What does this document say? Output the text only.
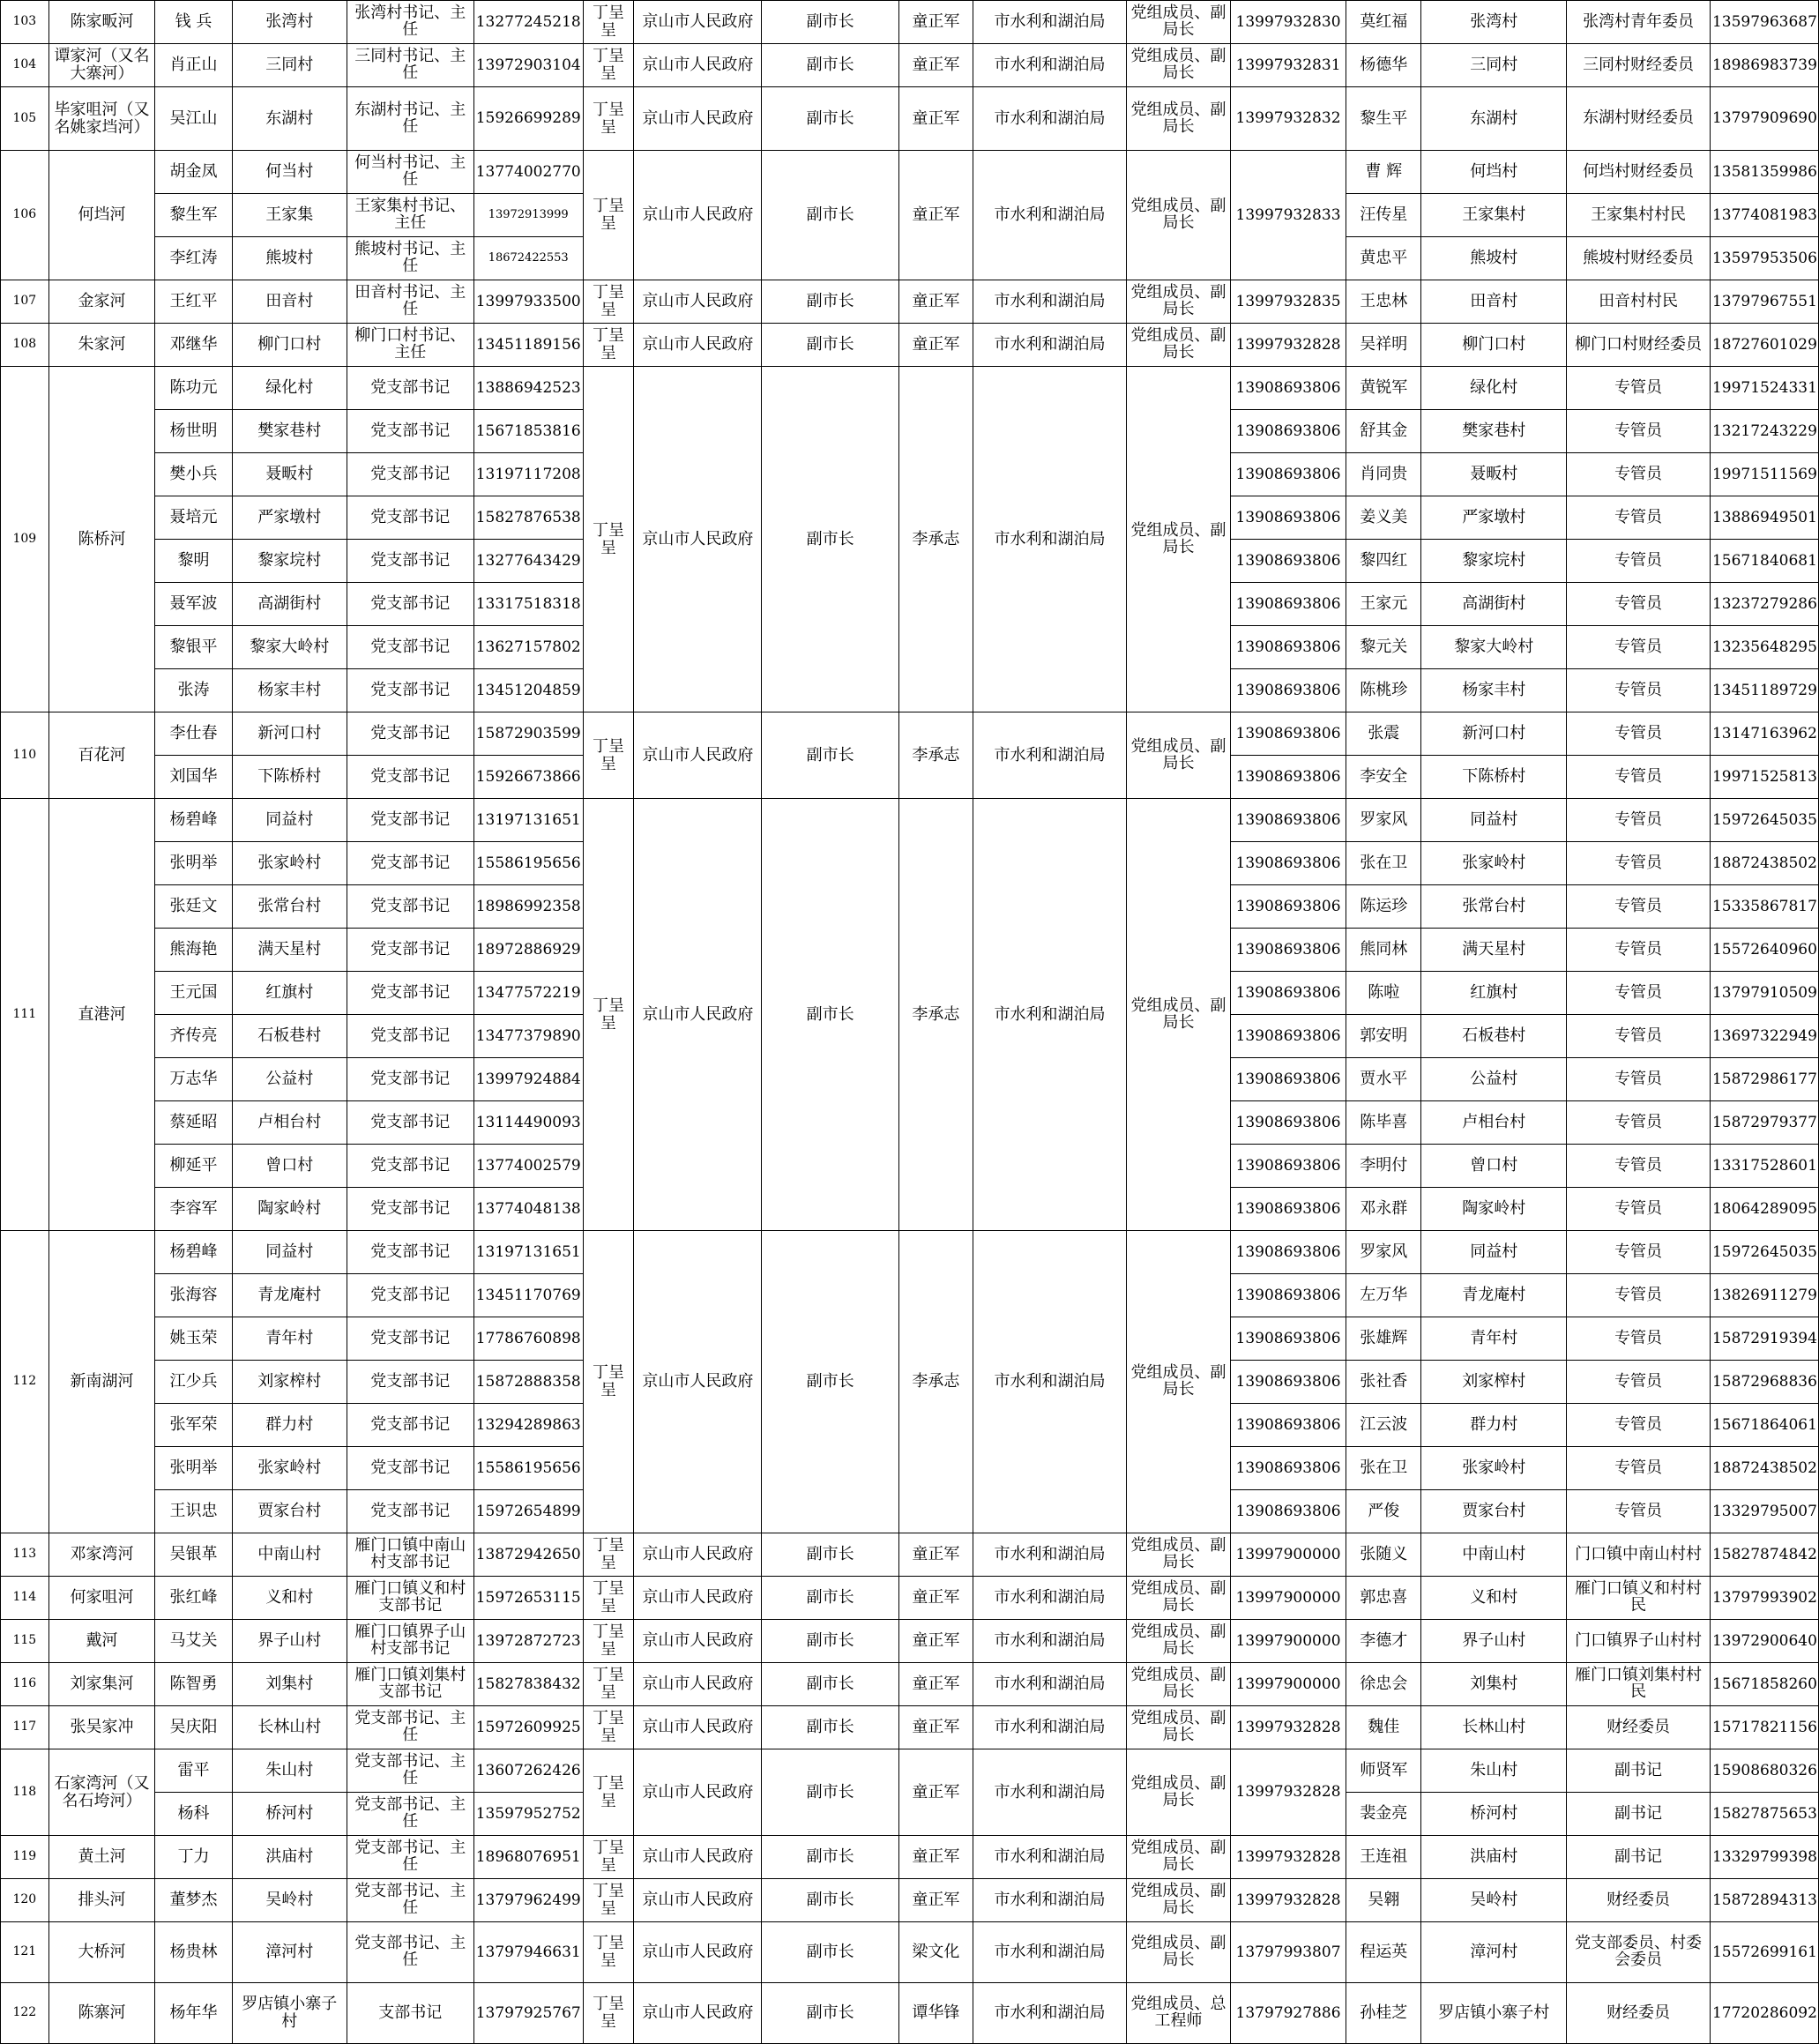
103	陈家畈河	钱 兵	张湾村	张湾村书记、主任	13277245218	丁呈呈	京山市人民政府	副市长	童正军	市水利和湖泊局	党组成员、副局长	13997932830	莫红福	张湾村	张湾村青年委员	13597963687
104	谭家河（又名大寨河）	肖正山	三同村	三同村书记、主任	13972903104	丁呈呈	京山市人民政府	副市长	童正军	市水利和湖泊局	党组成员、副局长	13997932831	杨德华	三同村	三同村财经委员	18986983739
105	毕家咀河（又名姚家垱河）	吴江山	东湖村	东湖村书记、主任	15926699289	丁呈呈	京山市人民政府	副市长	童正军	市水利和湖泊局	党组成员、副局长	13997932832	黎生平	东湖村	东湖村财经委员	13797909690
106	何垱河	胡金凤	何当村	何当村书记、主任	13774002770	丁呈呈	京山市人民政府	副市长	童正军	市水利和湖泊局	党组成员、副局长	13997932833	曹 辉	何垱村	何垱村财经委员	13581359986
		黎生军	王家集	王家集村书记、主任	13972913999								汪传星	王家集村	王家集村村民	13774081983
		李红涛	熊坡村	熊坡村书记、主任	18672422553								黄忠平	熊坡村	熊坡村财经委员	13597953506
107	金家河	王红平	田音村	田音村书记、主任	13997933500	丁呈呈	京山市人民政府	副市长	童正军	市水利和湖泊局	党组成员、副局长	13997932835	王忠林	田音村	田音村村民	13797967551
108	朱家河	邓继华	柳门口村	柳门口村书记、主任	13451189156	丁呈呈	京山市人民政府	副市长	童正军	市水利和湖泊局	党组成员、副局长	13997932828	吴祥明	柳门口村	柳门口村财经委员	18727601029
109	陈桥河	陈功元	绿化村	党支部书记	13886942523	丁呈呈	京山市人民政府	副市长	李承志	市水利和湖泊局	党组成员、副局长	13908693806	黄锐军	绿化村	专管员	19971524331
		杨世明	樊家巷村	党支部书记	15671853816							13908693806	舒其金	樊家巷村	专管员	13217243229
		樊小兵	聂畈村	党支部书记	13197117208							13908693806	肖同贵	聂畈村	专管员	19971511569
		聂培元	严家墩村	党支部书记	15827876538							13908693806	姜义美	严家墩村	专管员	13886949501
		黎明	黎家垸村	党支部书记	13277643429							13908693806	黎四红	黎家垸村	专管员	15671840681
		聂军波	高湖街村	党支部书记	13317518318							13908693806	王家元	高湖街村	专管员	13237279286
		黎银平	黎家大岭村	党支部书记	13627157802							13908693806	黎元关	黎家大岭村	专管员	13235648295
		张涛	杨家丰村	党支部书记	13451204859							13908693806	陈桃珍	杨家丰村	专管员	13451189729
110	百花河	李仕春	新河口村	党支部书记	15872903599	丁呈呈	京山市人民政府	副市长	李承志	市水利和湖泊局	党组成员、副局长	13908693806	张震	新河口村	专管员	13147163962
		刘国华	下陈桥村	党支部书记	15926673866							13908693806	李安全	下陈桥村	专管员	19971525813
111	直港河	杨碧峰	同益村	党支部书记	13197131651	丁呈呈	京山市人民政府	副市长	李承志	市水利和湖泊局	党组成员、副局长	13908693806	罗家风	同益村	专管员	15972645035
		张明举	张家岭村	党支部书记	15586195656							13908693806	张在卫	张家岭村	专管员	18872438502
		张廷文	张常台村	党支部书记	18986992358							13908693806	陈运珍	张常台村	专管员	15335867817
		熊海艳	满天星村	党支部书记	18972886929							13908693806	熊同林	满天星村	专管员	15572640960
		王元国	红旗村	党支部书记	13477572219							13908693806	陈啦	红旗村	专管员	13797910509
		齐传亮	石板巷村	党支部书记	13477379890							13908693806	郭安明	石板巷村	专管员	13697322949
		万志华	公益村	党支部书记	13997924884							13908693806	贾水平	公益村	专管员	15872986177
		蔡延昭	卢相台村	党支部书记	13114490093							13908693806	陈毕喜	卢相台村	专管员	15872979377
		柳延平	曾口村	党支部书记	13774002579							13908693806	李明付	曾口村	专管员	13317528601
		李容军	陶家岭村	党支部书记	13774048138							13908693806	邓永群	陶家岭村	专管员	18064289095
112	新南湖河	杨碧峰	同益村	党支部书记	13197131651	丁呈呈	京山市人民政府	副市长	李承志	市水利和湖泊局	党组成员、副局长	13908693806	罗家风	同益村	专管员	15972645035
		张海容	青龙庵村	党支部书记	13451170769							13908693806	左万华	青龙庵村	专管员	13826911279
		姚玉荣	青年村	党支部书记	17786760898							13908693806	张雄辉	青年村	专管员	15872919394
		江少兵	刘家榨村	党支部书记	15872888358							13908693806	张社香	刘家榨村	专管员	15872968836
		张军荣	群力村	党支部书记	13294289863							13908693806	江云波	群力村	专管员	15671864061
		张明举	张家岭村	党支部书记	15586195656							13908693806	张在卫	张家岭村	专管员	18872438502
		王识忠	贾家台村	党支部书记	15972654899							13908693806	严俊	贾家台村	专管员	13329795007
113	邓家湾河	吴银革	中南山村	雁门口镇中南山村支部书记	13872942650	丁呈呈	京山市人民政府	副市长	童正军	市水利和湖泊局	党组成员、副局长	13997900000	张随义	中南山村	门口镇中南山村村	15827874842
114	何家咀河	张红峰	义和村	雁门口镇义和村支部书记	15972653115	丁呈呈	京山市人民政府	副市长	童正军	市水利和湖泊局	党组成员、副局长	13997900000	郭忠喜	义和村	雁门口镇义和村村民	13797993902
115	戴河	马艾关	界子山村	雁门口镇界子山村支部书记	13972872723	丁呈呈	京山市人民政府	副市长	童正军	市水利和湖泊局	党组成员、副局长	13997900000	李德才	界子山村	门口镇界子山村村	13972900640
116	刘家集河	陈智勇	刘集村	雁门口镇刘集村支部书记	15827838432	丁呈呈	京山市人民政府	副市长	童正军	市水利和湖泊局	党组成员、副局长	13997900000	徐忠会	刘集村	雁门口镇刘集村村民	15671858260
117	张吴家冲	吴庆阳	长林山村	党支部书记、主任	15972609925	丁呈呈	京山市人民政府	副市长	童正军	市水利和湖泊局	党组成员、副局长	13997932828	魏佳	长林山村	财经委员	15717821156
118	石家湾河（又名石垮河）	雷平	朱山村	党支部书记、主任	13607262426	丁呈呈	京山市人民政府	副市长	童正军	市水利和湖泊局	党组成员、副局长	13997932828	师贤军	朱山村	副书记	15908680326
		杨科	桥河村	党支部书记、主任	13597952752								裴金亮	桥河村	副书记	15827875653
119	黄土河	丁力	洪庙村	党支部书记、主任	18968076951	丁呈呈	京山市人民政府	副市长	童正军	市水利和湖泊局	党组成员、副局长	13997932828	王连祖	洪庙村	副书记	13329799398
120	排头河	董梦杰	吴岭村	党支部书记、主任	13797962499	丁呈呈	京山市人民政府	副市长	童正军	市水利和湖泊局	党组成员、副局长	13997932828	吴翱	吴岭村	财经委员	15872894313
121	大桥河	杨贵林	漳河村	党支部书记、主任	13797946631	丁呈呈	京山市人民政府	副市长	梁文化	市水利和湖泊局	党组成员、副局长	13797993807	程运英	漳河村	党支部委员、村委会委员	15572699161
122	陈寨河	杨年华	罗店镇小寨子村	支部书记	13797925767	丁呈呈	京山市人民政府	副市长	谭华锋	市水利和湖泊局	党组成员、总工程师	13797927886	孙桂芝	罗店镇小寨子村	财经委员	17720286092
